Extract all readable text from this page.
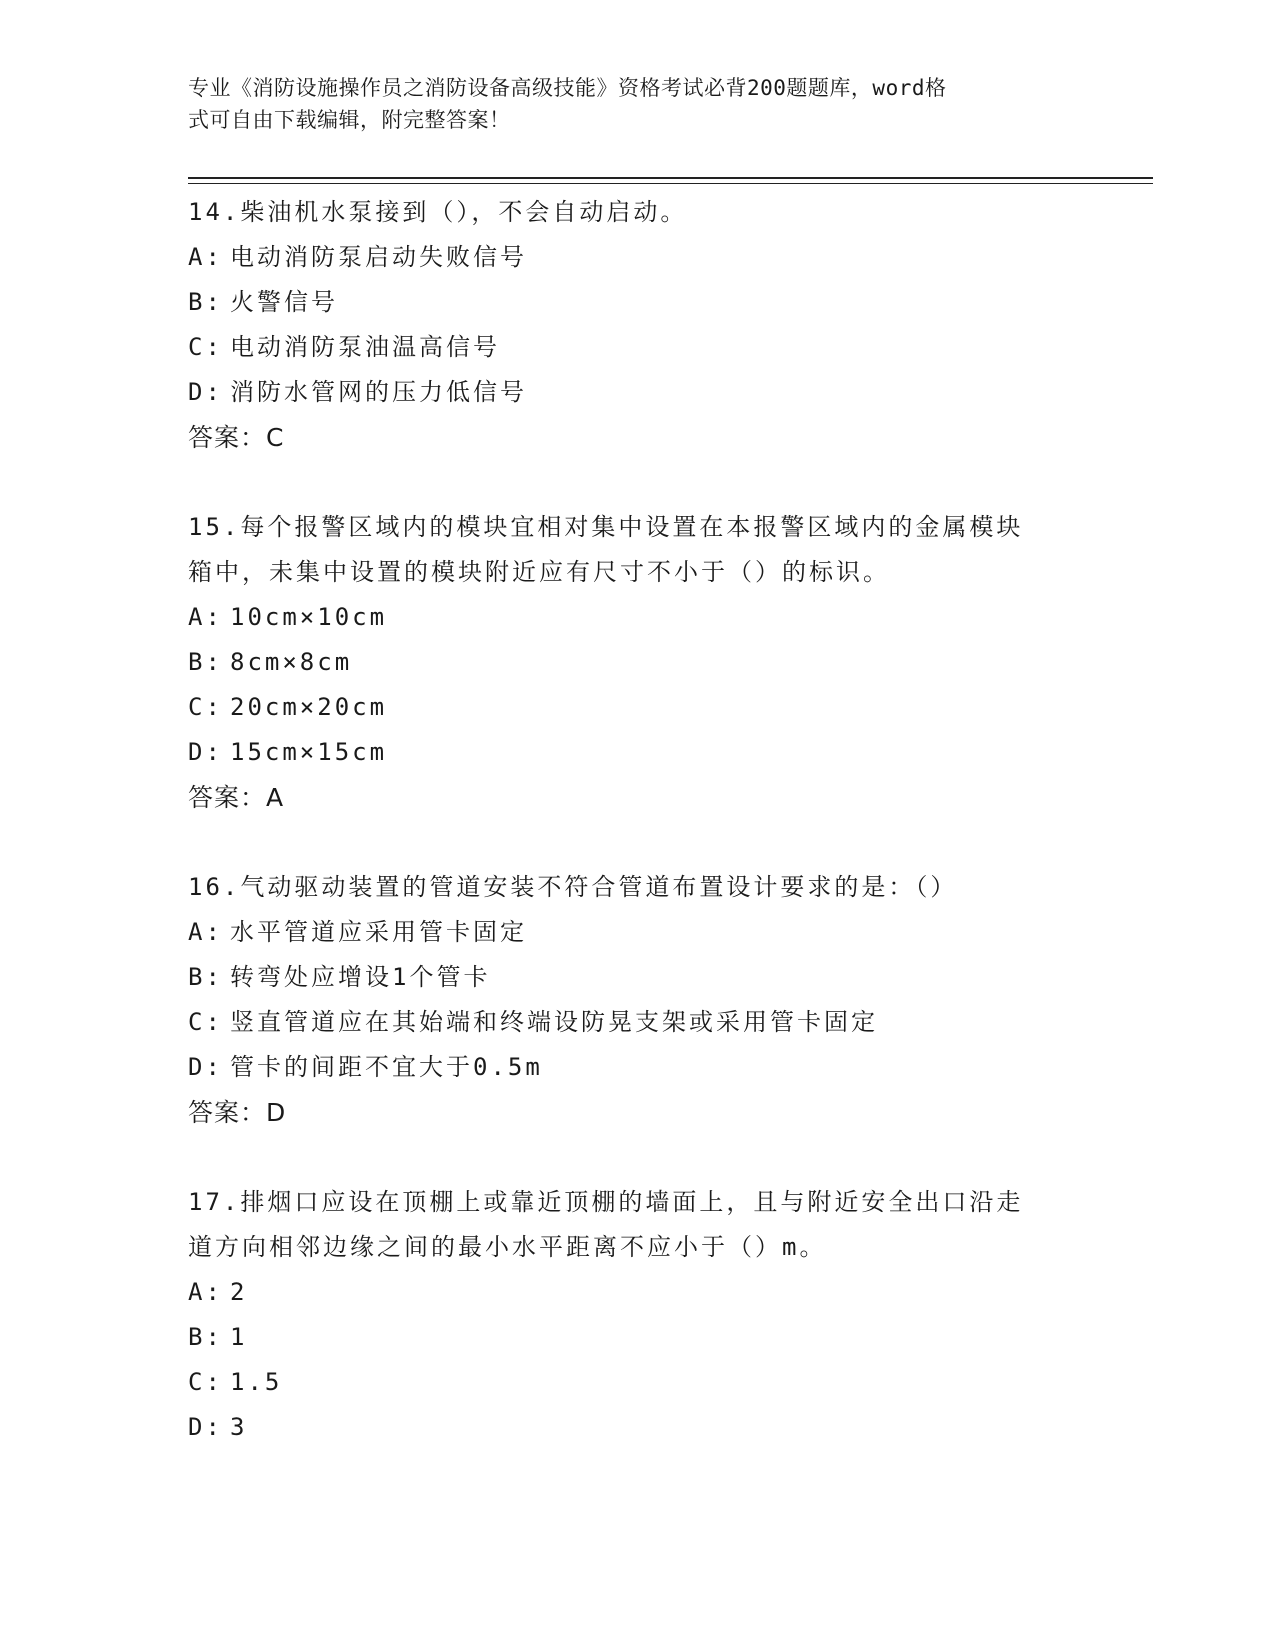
专业《消防设施操作员之消防设备高级技能》资格考试必背200题题库，word格
式可自由下载编辑，附完整答案！
14.柴油机水泵接到（），不会自动启动。
A: 电动消防泵启动失败信号
B: 火警信号
C: 电动消防泵油温高信号
D: 消防水管网的压力低信号
答案：C
15.每个报警区域内的模块宜相对集中设置在本报警区域内的金属模块
箱中，未集中设置的模块附近应有尺寸不小于（）的标识。
A: 10cm×10cm
B: 8cm×8cm
C: 20cm×20cm
D: 15cm×15cm
答案：A
16.气动驱动装置的管道安装不符合管道布置设计要求的是：（）
A: 水平管道应采用管卡固定
B: 转弯处应增设1个管卡
C: 竖直管道应在其始端和终端设防晃支架或采用管卡固定
D: 管卡的间距不宜大于0.5m
答案：D
17.排烟口应设在顶棚上或靠近顶棚的墙面上，且与附近安全出口沿走
道方向相邻边缘之间的最小水平距离不应小于（）m。
A: 2
B: 1
C: 1.5
D: 3
